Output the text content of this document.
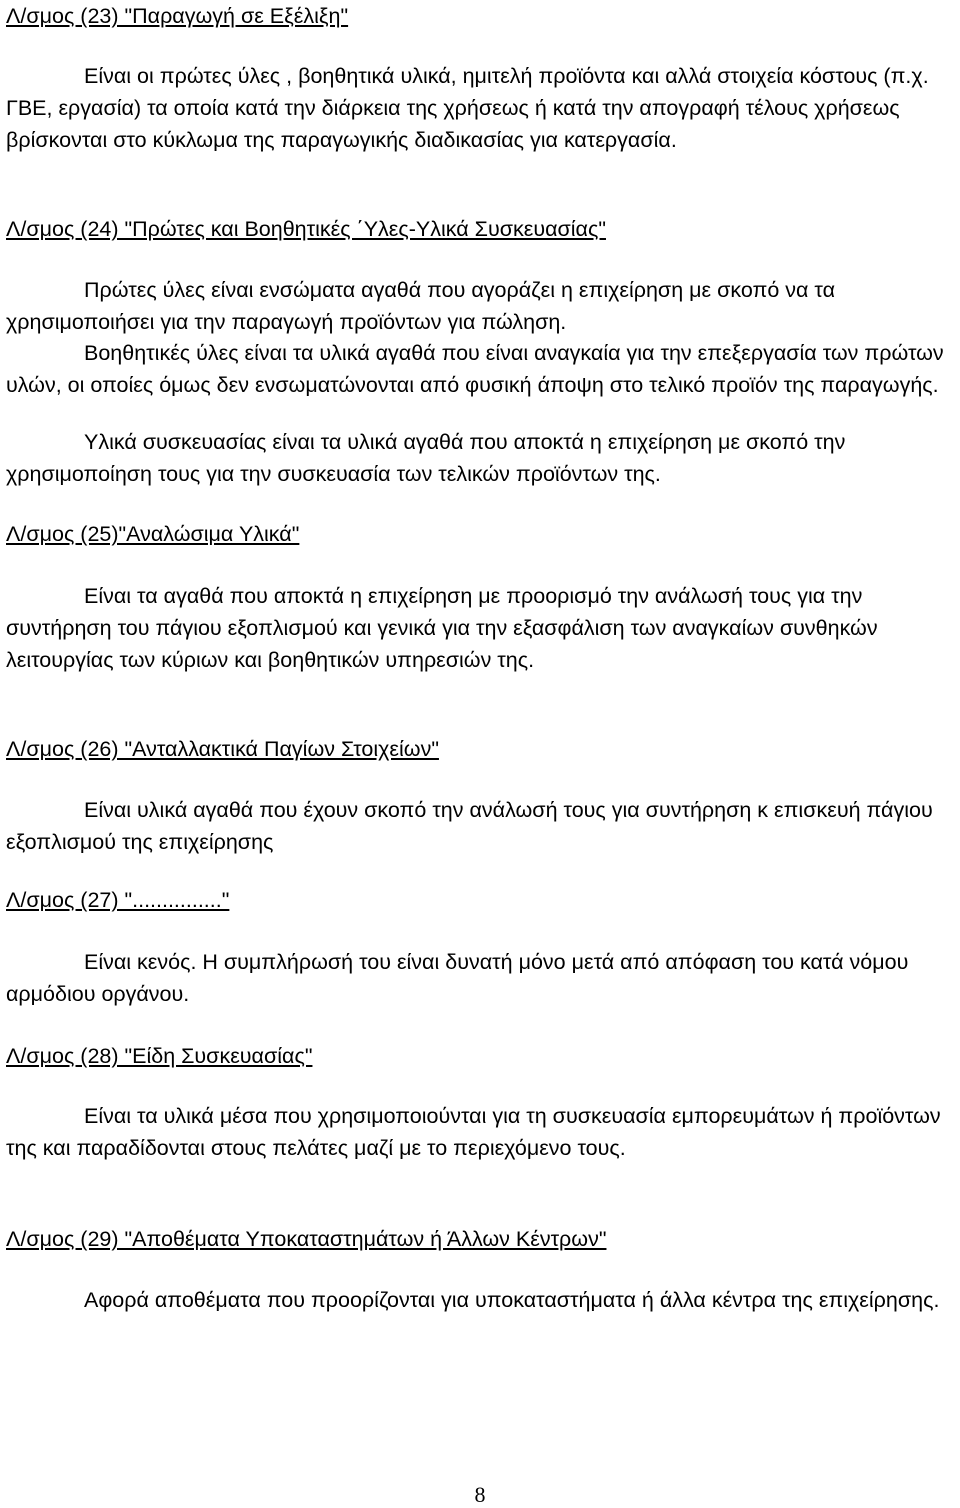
Λ/σμος (23) "Παραγωγή σε Εξέλιξη"

Είναι οι πρώτες ύλες , βοηθητικά υλικά, ημιτελή προϊόντα και αλλά στοιχεία κόστους (π.χ. ΓΒΕ, εργασία) τα οποία κατά την διάρκεια της χρήσεως ή κατά την απογραφή τέλους χρήσεως βρίσκονται στο κύκλωμα της παραγωγικής διαδικασίας για κατεργασία.

Λ/σμος (24) "Πρώτες και Βοηθητικές ΄Υλες-Υλικά Συσκευασίας"

Πρώτες ύλες είναι ενσώματα αγαθά που αγοράζει η επιχείρηση με σκοπό να τα χρησιμοποιήσει για την παραγωγή προϊόντων για πώληση.

Βοηθητικές ύλες είναι τα υλικά αγαθά που είναι αναγκαία για την επεξεργασία των πρώτων υλών, οι οποίες όμως δεν ενσωματώνονται από φυσική άποψη στο τελικό προϊόν της παραγωγής.

Υλικά συσκευασίας είναι τα υλικά αγαθά που αποκτά η επιχείρηση με σκοπό την χρησιμοποίηση τους για την συσκευασία των τελικών προϊόντων της.

Λ/σμος (25)"Αναλώσιμα Υλικά"

Είναι τα αγαθά που αποκτά η επιχείρηση με προορισμό την ανάλωσή τους για την συντήρηση του πάγιου εξοπλισμού και γενικά για την εξασφάλιση των αναγκαίων συνθηκών λειτουργίας των κύριων και βοηθητικών υπηρεσιών της.

Λ/σμος (26) "Ανταλλακτικά Παγίων Στοιχείων"

Είναι υλικά αγαθά που έχουν σκοπό την ανάλωσή τους για συντήρηση κ επισκευή πάγιου εξοπλισμού της επιχείρησης

Λ/σμος (27) "..............."

Είναι κενός. Η συμπλήρωσή του είναι δυνατή μόνο μετά από απόφαση του κατά νόμου αρμόδιου οργάνου.

Λ/σμος (28) "Είδη Συσκευασίας"

Είναι τα υλικά μέσα που χρησιμοποιούνται για τη συσκευασία εμπορευμάτων ή προϊόντων της και παραδίδονται στους πελάτες μαζί με το περιεχόμενο τους.

Λ/σμος (29) "Αποθέματα Υποκαταστημάτων ή Άλλων Κέντρων"

Αφορά αποθέματα που προορίζονται για υποκαταστήματα ή άλλα κέντρα της επιχείρησης.

8
